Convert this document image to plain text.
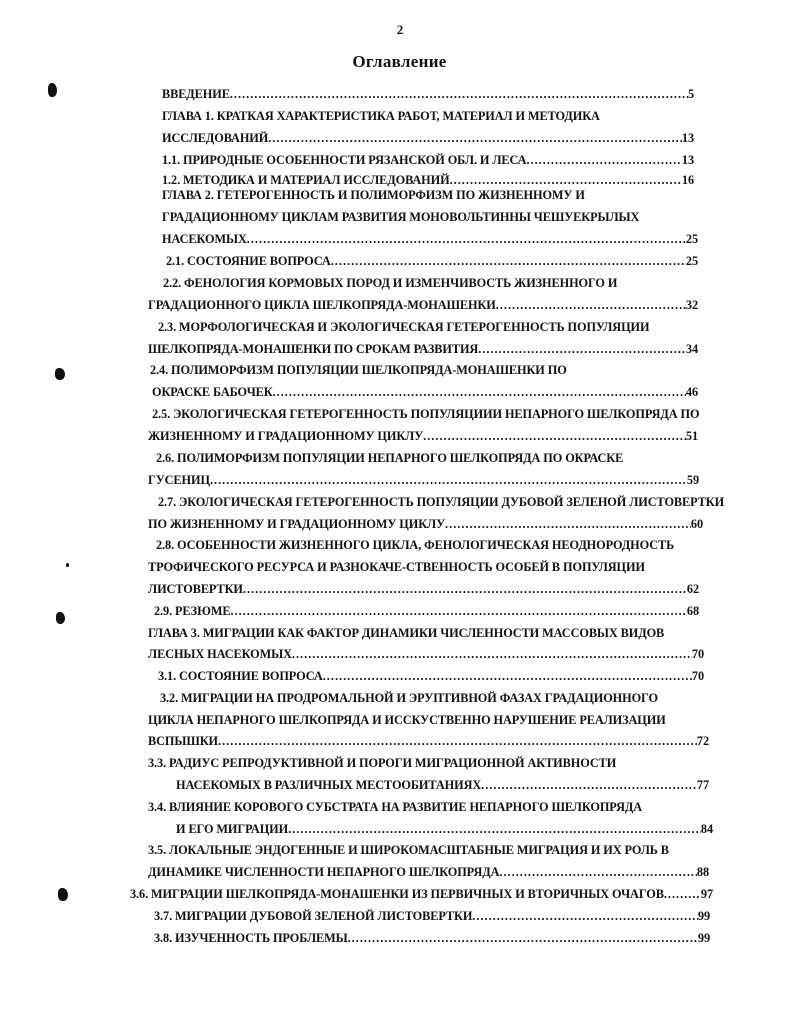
2
Оглавление
ВВЕДЕНИЕ .....	5
ГЛАВА 1. КРАТКАЯ ХАРАКТЕРИСТИКА РАБОТ, МАТЕРИАЛ И МЕТОДИКА
ИССЛЕДОВАНИЙ .....	13
1.1. ПРИРОДНЫЕ ОСОБЕННОСТИ РЯЗАНСКОЙ ОБЛ. И ЛЕСА .....	13
1.2. МЕТОДИКА И МАТЕРИАЛ ИССЛЕДОВАНИЙ .....	16
ГЛАВА 2. ГЕТЕРОГЕННОСТЬ И ПОЛИМОРФИЗМ ПО ЖИЗНЕННОМУ И
ГРАДАЦИОННОМУ ЦИКЛАМ РАЗВИТИЯ МОНОВОЛЬТИННЫ ЧЕШУЕКРЫЛЫХ
НАСЕКОМЫХ .....	25
2.1. СОСТОЯНИЕ ВОПРОСА .....	25
2.2. ФЕНОЛОГИЯ КОРМОВЫХ ПОРОД И ИЗМЕНЧИВОСТЬ ЖИЗНЕННОГО И
ГРАДАЦИОННОГО ЦИКЛА ШЕЛКОПРЯДА-МОНАШЕНКИ .....	32
2.3. МОРФОЛОГИЧЕСКАЯ И ЭКОЛОГИЧЕСКАЯ ГЕТЕРОГЕННОСТЬ ПОПУЛЯЦИИ
ШЕЛКОПРЯДА-МОНАШЕНКИ ПО СРОКАМ РАЗВИТИЯ .....	34
2.4. ПОЛИМОРФИЗМ ПОПУЛЯЦИИ ШЕЛКОПРЯДА-МОНАШЕНКИ ПО
ОКРАСКЕ БАБОЧЕК .....	46
2.5. ЭКОЛОГИЧЕСКАЯ ГЕТЕРОГЕННОСТЬ ПОПУЛЯЦИИИ НЕПАРНОГО ШЕЛКОПРЯДА ПО
ЖИЗНЕННОМУ И ГРАДАЦИОННОМУ ЦИКЛУ .....	51
2.6. ПОЛИМОРФИЗМ ПОПУЛЯЦИИ НЕПАРНОГО ШЕЛКОПРЯДА ПО ОКРАСКЕ
ГУСЕНИЦ .....	59
2.7. ЭКОЛОГИЧЕСКАЯ ГЕТЕРОГЕННОСТЬ ПОПУЛЯЦИИ ДУБОВОЙ ЗЕЛЕНОЙ ЛИСТОВЕРТКИ
ПО ЖИЗНЕННОМУ И ГРАДАЦИОННОМУ ЦИКЛУ .....	60
2.8. ОСОБЕННОСТИ ЖИЗНЕННОГО ЦИКЛА, ФЕНОЛОГИЧЕСКАЯ НЕОДНОРОДНОСТЬ
ТРОФИЧЕСКОГО РЕСУРСА И РАЗНОКАЧЕ-СТВЕННОСТЬ ОСОБЕЙ В ПОПУЛЯЦИИ
ЛИСТОВЕРТКИ .....	62
2.9. РЕЗЮМЕ .....	68
ГЛАВА 3. МИГРАЦИИ КАК ФАКТОР ДИНАМИКИ ЧИСЛЕННОСТИ МАССОВЫХ ВИДОВ
ЛЕСНЫХ НАСЕКОМЫХ .....	70
3.1. СОСТОЯНИЕ ВОПРОСА .....	70
3.2. МИГРАЦИИ НА ПРОДРОМАЛЬНОЙ И ЭРУПТИВНОЙ ФАЗАХ ГРАДАЦИОННОГО
ЦИКЛА НЕПАРНОГО ШЕЛКОПРЯДА И ИССКУСТВЕННО НАРУШЕНИЕ РЕАЛИЗАЦИИ
ВСПЫШКИ .....	72
3.3. РАДИУС РЕПРОДУКТИВНОЙ И ПОРОГИ МИГРАЦИОННОЙ АКТИВНОСТИ
НАСЕКОМЫХ В РАЗЛИЧНЫХ МЕСТООБИТАНИЯХ .....	77
3.4. ВЛИЯНИЕ КОРОВОГО СУБСТРАТА НА РАЗВИТИЕ НЕПАРНОГО ШЕЛКОПРЯДА
И ЕГО МИГРАЦИИ .....	84
3.5. ЛОКАЛЬНЫЕ ЭНДОГЕННЫЕ И ШИРОКОМАСШТАБНЫЕ МИГРАЦИЯ И ИХ РОЛЬ В
ДИНАМИКЕ ЧИСЛЕННОСТИ НЕПАРНОГО ШЕЛКОПРЯДА .....	88
3.6. МИГРАЦИИ ШЕЛКОПРЯДА-МОНАШЕНКИ ИЗ ПЕРВИЧНЫХ И ВТОРИЧНЫХ ОЧАГОВ .....	97
3.7. МИГРАЦИИ ДУБОВОЙ ЗЕЛЕНОЙ ЛИСТОВЕРТКИ .....	99
3.8. ИЗУЧЕННОСТЬ ПРОБЛЕМЫ .....	99
